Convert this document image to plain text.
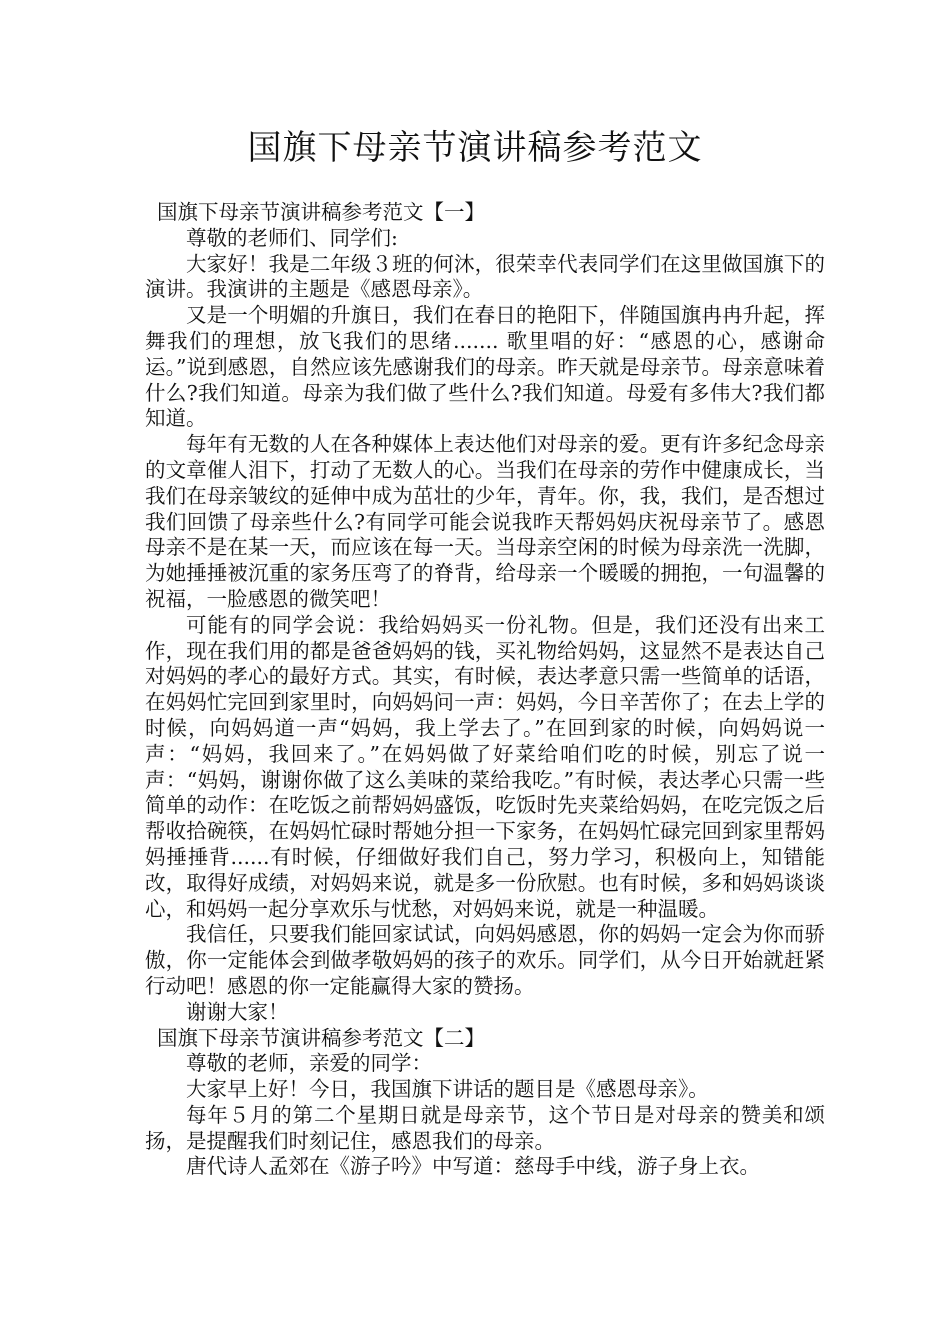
国旗下母亲节演讲稿参考范文

国旗下母亲节演讲稿参考范文【一】

尊敬的老师们、同学们:

大家好！我是二年级３班的何沐，很荣幸代表同学们在这里做国旗下的演讲。我演讲的主题是《感恩母亲》。

又是一个明媚的升旗日，我们在春日的艳阳下，伴随国旗冉冉升起，挥舞我们的理想，放飞我们的思绪....... 歌里唱的好：“感恩的心，感谢命运。”说到感恩，自然应该先感谢我们的母亲。昨天就是母亲节。母亲意味着什么?我们知道。母亲为我们做了些什么?我们知道。母爱有多伟大?我们都知道。

每年有无数的人在各种媒体上表达他们对母亲的爱。更有许多纪念母亲的文章催人泪下，打动了无数人的心。当我们在母亲的劳作中健康成长，当我们在母亲皱纹的延伸中成为茁壮的少年，青年。你，我，我们，是否想过我们回馈了母亲些什么?有同学可能会说我昨天帮妈妈庆祝母亲节了。感恩母亲不是在某一天，而应该在每一天。当母亲空闲的时候为母亲洗一洗脚，为她捶捶被沉重的家务压弯了的脊背，给母亲一个暖暖的拥抱，一句温馨的祝福，一脸感恩的微笑吧！

可能有的同学会说：我给妈妈买一份礼物。但是，我们还没有出来工作，现在我们用的都是爸爸妈妈的钱，买礼物给妈妈，这显然不是表达自己对妈妈的孝心的最好方式。其实，有时候，表达孝意只需一些简单的话语，在妈妈忙完回到家里时，向妈妈问一声：妈妈，今日辛苦你了；在去上学的时候，向妈妈道一声“妈妈，我上学去了。”在回到家的时候，向妈妈说一声：“妈妈，我回来了。”在妈妈做了好菜给咱们吃的时候，别忘了说一声：“妈妈，谢谢你做了这么美味的菜给我吃。”有时候，表达孝心只需一些简单的动作：在吃饭之前帮妈妈盛饭，吃饭时先夹菜给妈妈，在吃完饭之后帮收拾碗筷，在妈妈忙碌时帮她分担一下家务，在妈妈忙碌完回到家里帮妈妈捶捶背......有时候，仔细做好我们自己，努力学习，积极向上，知错能改，取得好成绩，对妈妈来说，就是多一份欣慰。也有时候，多和妈妈谈谈心，和妈妈一起分享欢乐与忧愁，对妈妈来说，就是一种温暖。

我信任，只要我们能回家试试，向妈妈感恩，你的妈妈一定会为你而骄傲，你一定能体会到做孝敬妈妈的孩子的欢乐。同学们，从今日开始就赶紧行动吧！感恩的你一定能赢得大家的赞扬。

谢谢大家！

国旗下母亲节演讲稿参考范文【二】

尊敬的老师，亲爱的同学：

大家早上好！今日，我国旗下讲话的题目是《感恩母亲》。

每年５月的第二个星期日就是母亲节，这个节日是对母亲的赞美和颂扬，是提醒我们时刻记住，感恩我们的母亲。

唐代诗人孟郊在《游子吟》中写道：慈母手中线，游子身上衣。
